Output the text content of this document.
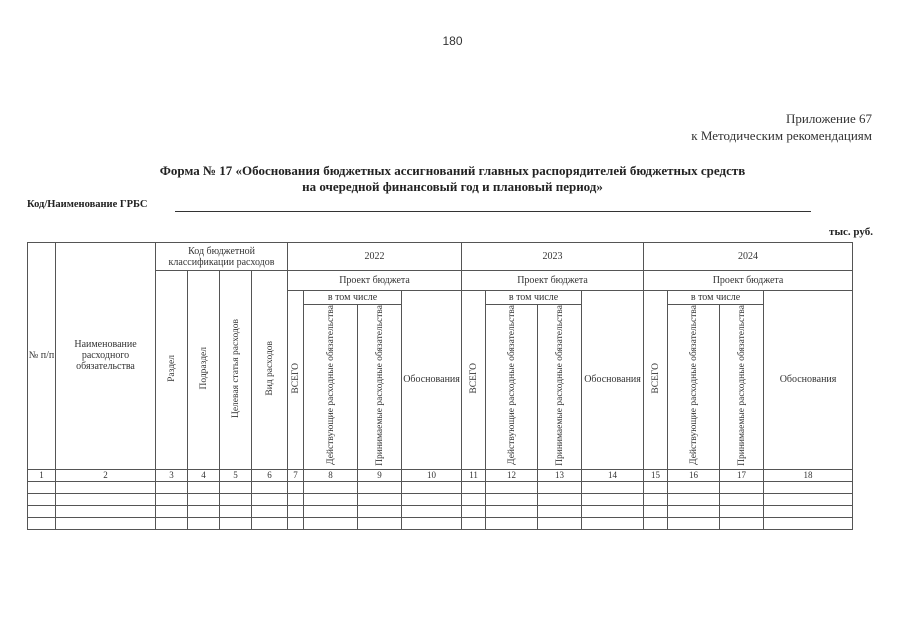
180
Приложение 67
к Методическим рекомендациям
Форма № 17 «Обоснования бюджетных ассигнований главных распорядителей бюджетных средств
на очередной финансовый год и плановый период»
Код/Наименование ГРБС
тыс. руб.
№ п/п	Наименование расходного обязательства	Код бюджетной классификации расходов				2022				2023				2024			
		Раздел	Подраздел	Целевая статья расходов	Вид расходов	Проект бюджета				Проект бюджета				Проект бюджета			
						ВСЕГО	в том числе		Обоснования	ВСЕГО	в том числе		Обоснования	ВСЕГО	в том числе		Обоснования
							Действующие расходные обязательства	Принимаемые расходные обязательства			Действующие расходные обязательства	Принимаемые расходные обязательства			Действующие расходные обязательства	Принимаемые расходные обязательства	
1	2	3	4	5	6	7	8	9	10	11	12	13	14	15	16	17	18
